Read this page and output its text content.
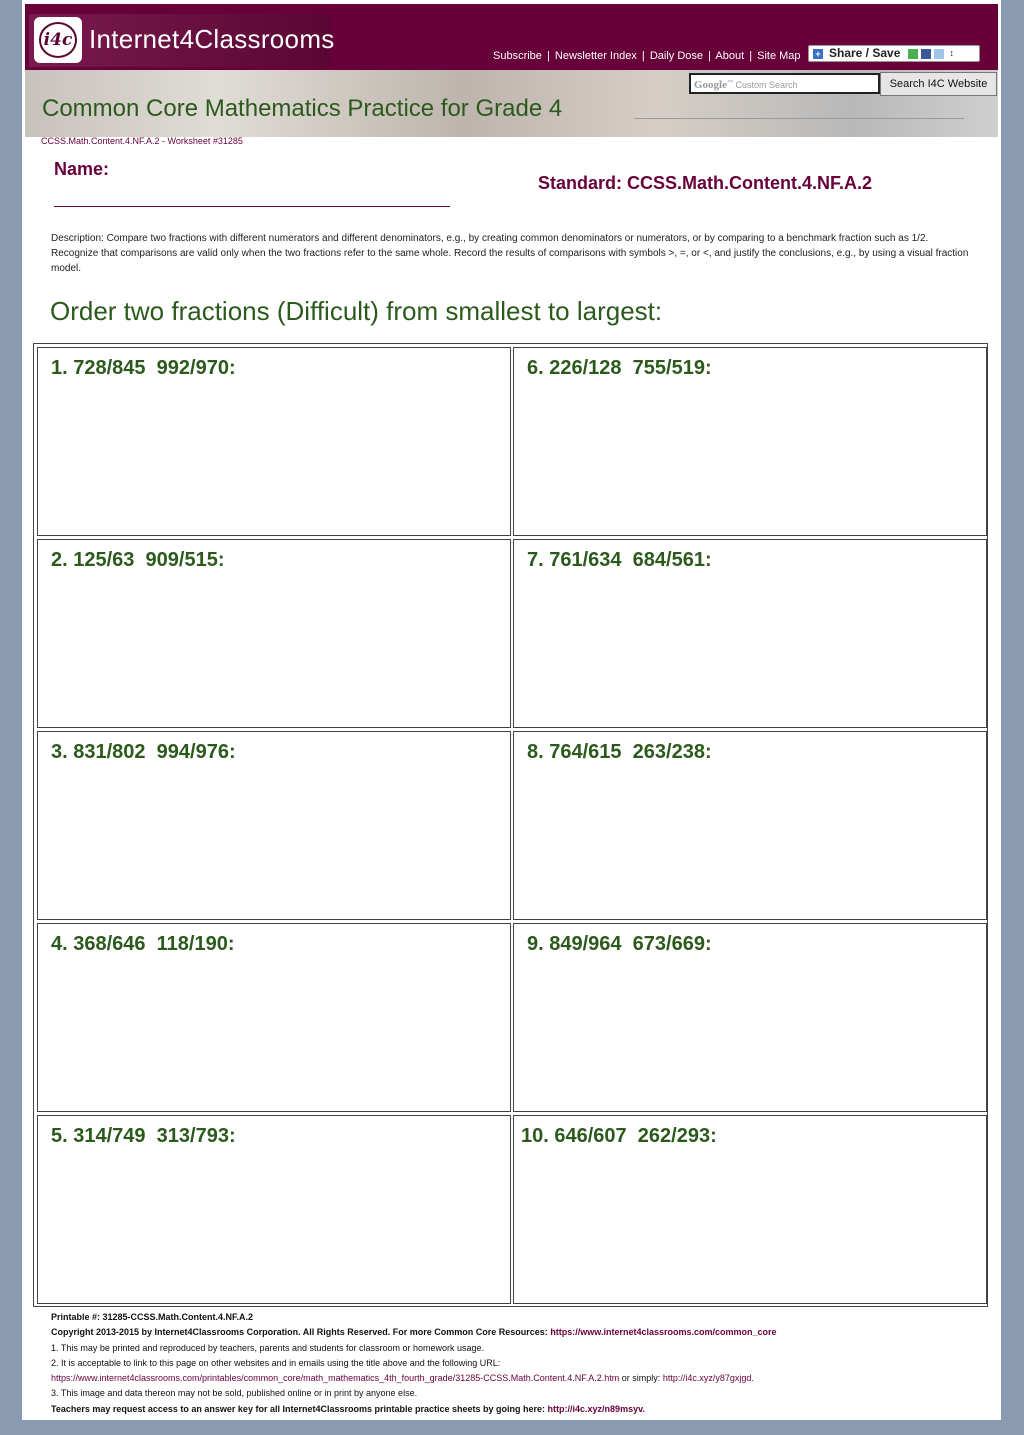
i4c Internet4Classrooms
Subscribe | Newsletter Index | Daily Dose | About | Site Map + Share / Save	↕
Google™ Custom Search	Search I4C Website
Common Core Mathematics Practice for Grade 4
CCSS.Math.Content.4.NF.A.2 - Worksheet #31285
Name:
Standard: CCSS.Math.Content.4.NF.A.2
Description: Compare two fractions with different numerators and different denominators, e.g., by creating common denominators or numerators, or by comparing to a benchmark fraction such as 1/2. Recognize that comparisons are valid only when the two fractions refer to the same whole. Record the results of comparisons with symbols >, =, or <, and justify the conclusions, e.g., by using a visual fraction model.
Order two fractions (Difficult) from smallest to largest:
1. 728/845  992/970:
2. 125/63  909/515:
3. 831/802  994/976:
4. 368/646  118/190:
5. 314/749  313/793:
6. 226/128  755/519:
7. 761/634  684/561:
8. 764/615  263/238:
9. 849/964  673/669:
10. 646/607  262/293:
Printable #: 31285-CCSS.Math.Content.4.NF.A.2
Copyright 2013-2015 by Internet4Classrooms Corporation. All Rights Reserved. For more Common Core Resources: https://www.internet4classrooms.com/common_core
1. This may be printed and reproduced by teachers, parents and students for classroom or homework usage.
2. It is acceptable to link to this page on other websites and in emails using the title above and the following URL:
https://www.internet4classrooms.com/printables/common_core/math_mathematics_4th_fourth_grade/31285-CCSS.Math.Content.4.NF.A.2.htm or simply: http://i4c.xyz/y87gxjgd.
3. This image and data thereon may not be sold, published online or in print by anyone else.
Teachers may request access to an answer key for all Internet4Classrooms printable practice sheets by going here: http://i4c.xyz/n89msyv.
